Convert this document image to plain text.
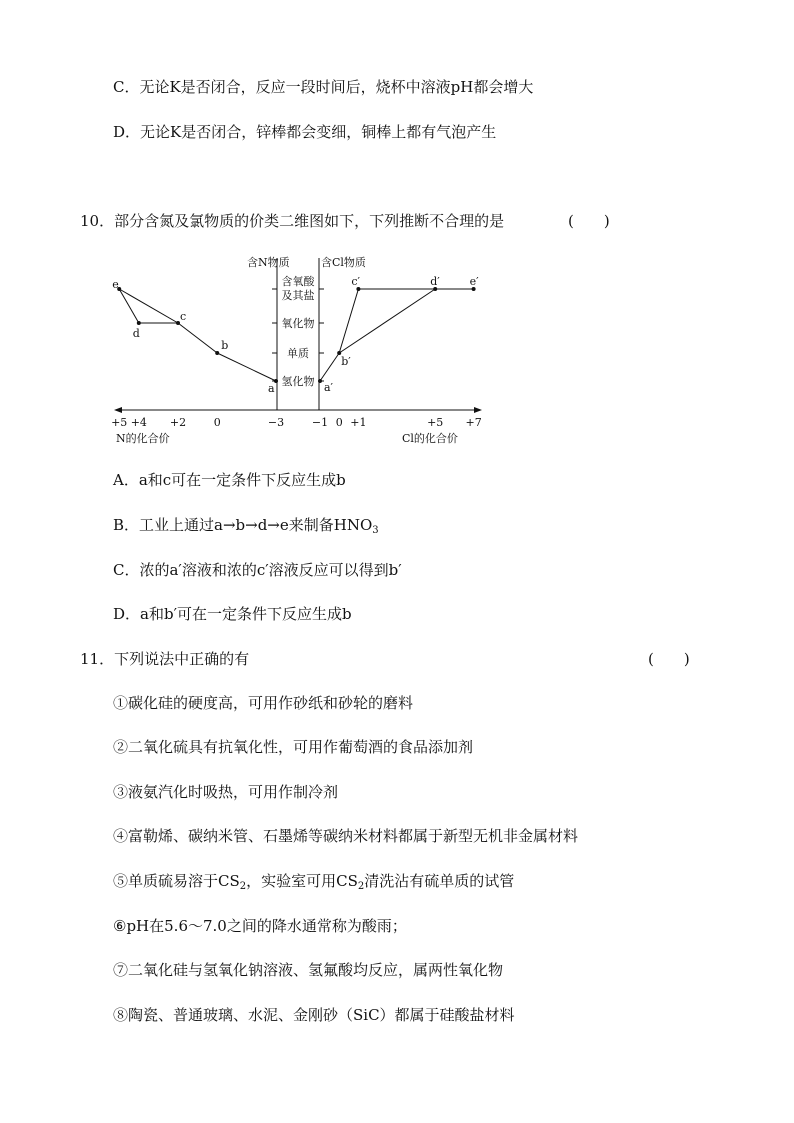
C．无论K是否闭合，反应一段时间后，烧杯中溶液pH都会增大
D．无论K是否闭合，锌棒都会变细，铜棒上都有气泡产生
10．部分含氮及氯物质的价类二维图如下，下列推断不合理的是	(　　)
含N物质	含Cl物质
含氧酸
及其盐
氧化物
单质
氢化物
+5 +4 +2	0	−3	−1 0 +1	+5 +7
N的化合价	Cl的化合价
e
d
c
b
a	a′
b′
c′	d′	e′
A．a和c可在一定条件下反应生成b
B．工业上通过a→b→d→e来制备$HNO_3$
C．浓的a′溶液和浓的c′溶液反应可以得到b′
D．a和b′可在一定条件下反应生成b
11．下列说法中正确的有	(　　)
①碳化硅的硬度高，可用作砂纸和砂轮的磨料
②二氧化硫具有抗氧化性，可用作葡萄酒的食品添加剂
③液氨汽化时吸热，可用作制冷剂
④富勒烯、碳纳米管、石墨烯等碳纳米材料都属于新型无机非金属材料
⑤单质硫易溶于$CS_2$，实验室可用$CS_2$清洗沾有硫单质的试管
⑥pH在5.6～7.0之间的降水通常称为酸雨；
⑦二氧化硅与氢氧化钠溶液、氢氟酸均反应，属两性氧化物
⑧陶瓷、普通玻璃、水泥、金刚砂（SiC）都属于硅酸盐材料
